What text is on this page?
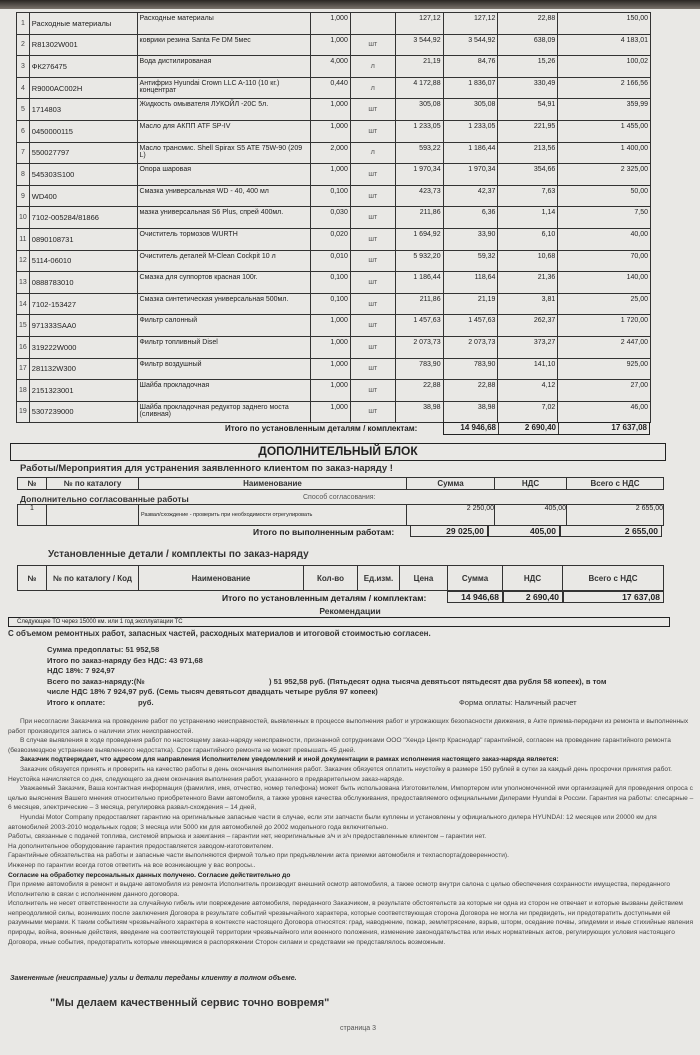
1	Расходные материалы	Расходные материалы	1,000		127,12	127,12	22,88	150,00
2	R81302W001	коврики резина Santa Fe DM 5мес	1,000	шт	3 544,92	3 544,92	638,09	4 183,01
3	ФК276475	Вода дистилированая	4,000	л	21,19	84,76	15,26	100,02
4	R9000AC002H	Антифриз Hyundai Crown LLC A-110 (10 кг.) концентрат	0,440	л	4 172,88	1 836,07	330,49	2 166,56
5	1714803	Жидкость омывателя ЛУКОЙЛ -20С 5л.	1,000	шт	305,08	305,08	54,91	359,99
6	0450000115	Масло для АКПП ATF SP-IV	1,000	шт	1 233,05	1 233,05	221,95	1 455,00
7	550027797	Масло трансмис. Shell Spirax S5 ATE 75W-90 (209 L)	2,000	л	593,22	1 186,44	213,56	1 400,00
8	545303S100	Опора шаровая	1,000	шт	1 970,34	1 970,34	354,66	2 325,00
9	WD400	Смазка универсальная WD - 40, 400 мл	0,100	шт	423,73	42,37	7,63	50,00
10	7102-005284/81866	мазка универсальная S6 Plus, спрей 400мл.	0,030	шт	211,86	6,36	1,14	7,50
11	0890108731	Очиститель тормозов WURTH	0,020	шт	1 694,92	33,90	6,10	40,00
12	5114-06010	Очиститель деталей M-Clean Cockpit 10 л	0,010	шт	5 932,20	59,32	10,68	70,00
13	0888783010	Смазка для суппортов красная 100г.	0,100	шт	1 186,44	118,64	21,36	140,00
14	7102-153427	Смазка синтетическая универсальная 500мл.	0,100	шт	211,86	21,19	3,81	25,00
15	971333SAA0	Фильтр салонный	1,000	шт	1 457,63	1 457,63	262,37	1 720,00
16	319222W000	Фильтр топливный Disel	1,000	шт	2 073,73	2 073,73	373,27	2 447,00
17	281132W300	Фильтр воздушный	1,000	шт	783,90	783,90	141,10	925,00
18	2151323001	Шайба прокладочная	1,000	шт	22,88	22,88	4,12	27,00
19	5307239000	Шайба прокладочная редуктор заднего моста (сливная)	1,000	шт	38,98	38,98	7,02	46,00
Итого по установленным деталям / комплектам:	14 946,68	2 690,40	17 637,08
ДОПОЛНИТЕЛЬНЫЙ БЛОК
Работы/Мероприятия для устранения заявленного клиентом по заказ-наряду !
№	№ по каталогу	Наименование	Сумма	НДС	Всего с НДС
Дополнительно согласованные работы	Способ согласования:
1		Развал/схождение - проверить при необходимости отрегулировать	2 250,00	405,00	2 655,00
Итого по выполненным работам:	29 025,00	405,00	2 655,00
Установленные детали / комплекты по заказ-наряду
№	№ по каталогу / Код	Наименование	Кол-во	Ед.изм.	Цена	Сумма	НДС	Всего с НДС
Итого по установленным деталям / комплектам:	14 946,68	2 690,40	17 637,08
Рекомендации
Следующее ТО через 15000 км. или 1 год эксплуатации ТС
С объемом ремонтных работ, запасных частей, расходных материалов и итоговой стоимостью согласен.
Сумма предоплаты: 51 952,58
Итого по заказ-наряду без НДС: 43 971,68
НДС 18%: 7 924,97
Всего по заказ-наряду:(№	) 51 952,58 руб. (Пятьдесят одна тысяча девятьсот пятьдесят два рубля 58 копеек), в том
числе НДС 18% 7 924,97 руб. (Семь тысяч девятьсот двадцать четыре рубля 97 копеек)
Итого к оплате:	руб.	Форма оплаты: Наличный расчет

При несогласии Заказчика на проведение работ по устранению неисправностей, выявленных в процессе выполнения работ и угрожающих безопасности движения, в Акте приема-передачи из ремонта и выполненных работ производится запись о наличии этих неисправностей.

В случае выявления в ходе проведения работ по настоящему заказ-наряду неисправности, признанной сотрудниками ООО "Хендэ Центр Краснодар" гарантийной, согласен на проведение гарантийного ремонта (безвозмездное устранение выявленного недостатка). Срок гарантийного ремонта не может превышать 45 дней.

Заказчик подтверждает, что адресом для направления Исполнителем уведомлений и иной документации в рамках исполнения настоящего заказ-наряда является:

Заказчик обязуется принять и проверить на качество работы в день окончания выполнения работ. Заказчик обязуется оплатить неустойку в размере 150 рублей в сутки за каждый день просрочки принятия работ. Неустойка начисляется со дня, следующего за днем окончания выполнения работ, указанного в предварительном заказ-наряде.

Уважаемый Заказчик, Ваша контактная информация (фамилия, имя, отчество, номер телефона) может быть использована Изготовителем, Импортером или уполномоченной ими организацией для проведения опроса с целью выяснения Вашего мнения относительно приобретенного Вами автомобиля, а также уровня качества обслуживания, предоставляемого официальными Дилерами Hyundai в России. Гарантия на работы: слесарные – 6 месяцев, электрические – 3 месяца, регулировка развал-схождения – 14 дней,

Hyundai Motor Company предоставляет гарантию на оригинальные запасные части в случае, если эти запчасти были куплены и установлены у официального дилера HYUNDAI: 12 месяцев или 20000 км для автомобилей 2003-2010 модельных годов; 3 месяца или 5000 км для автомобилей до 2002 модельного года включительно.

Работы, связанные с подачей топлива, системой впрыска и зажигания – гарантии нет, неоригинальные з/ч и з/ч предоставленные клиентом – гарантии нет.

На дополнительное оборудование гарантия предоставляется заводом-изготовителем.

Гарантийные обязательства на работы и запасные части выполняются фирмой только при предъявлении акта приемки автомобиля и техпаспорта(доверенности).

Инженер по гарантии всегда готов ответить на все возникающие у вас вопросы..

Согласие на обработку персональных данных получено. Согласие действительно до

При приеме автомобиля в ремонт и выдаче автомобиля из ремонта Исполнитель производит внешний осмотр автомобиля, а также осмотр внутри салона с целью обеспечения сохранности имущества, переданного Исполнителю в связи с исполнением данного договора.

Исполнитель не несет ответственности за случайную гибель или повреждение автомобиля, переданного Заказчиком, в результате обстоятельств за которые ни одна из сторон не отвечает и которые вызваны действием непреодолимой силы, возникших после заключения Договора в результате событий чрезвычайного характера, которые соответствующая сторона Договора не могла ни предвидеть, ни предотвратить доступными ей разумными мерами. К таким событиям чрезвычайного характера в контексте настоящего Договора относятся: град, наводнение, пожар, землетрясение, взрыв, шторм, оседание почвы, эпидемии и иные стихийные явления природы, война, военные действия, введение на соответствующей территории чрезвычайного или военного положения, изменение законодательства или иных нормативных актов, регулирующих условия настоящего Договора, иные события, предотвратить которые имеющимися в распоряжении Сторон силами и средствами не представлялось возможным.

Замененные (неисправные) узлы и детали переданы клиенту в полном объеме.
"Мы делаем качественный сервис точно вовремя"
страница 3
